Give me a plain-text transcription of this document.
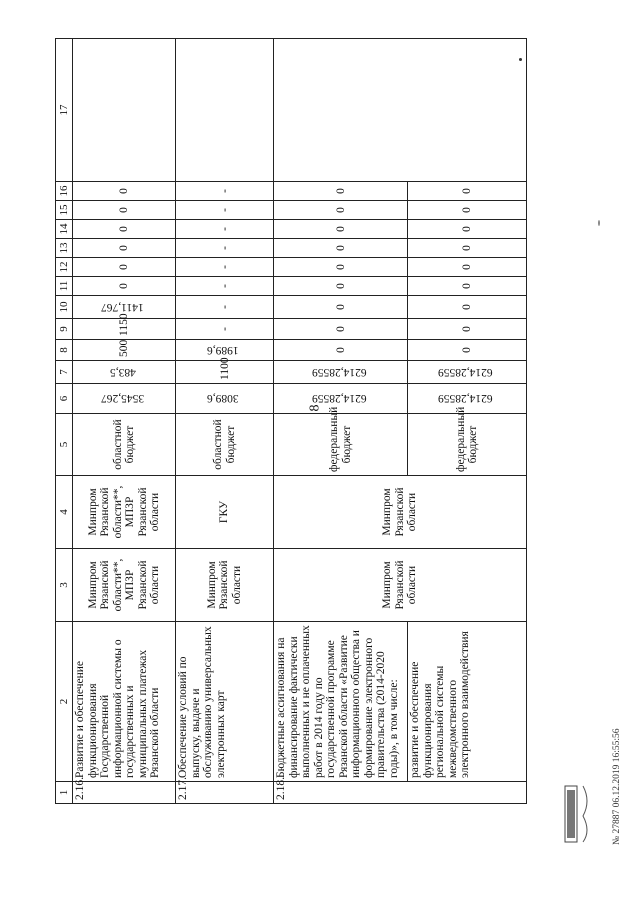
8
1	2	3	4	5	6	7	8	9	10	11	12	13	14	15	16	17
2.16.	Развитие и обеспечение функционирования Государственной информационной системы о государственных и муниципальных платежах Рязанской области	Минпром Рязанской области**, МПЗР Рязанской области	Минпром Рязанской области**, МПЗР Рязанской области	областной бюджет	3545,267	483,5	500	1150	1411,767	0	0	0	0	0	0	
2.17.	Обеспечение условий по выпуску, выдаче и обслуживанию универсальных электронных карт	Минпром Рязанской области	ГКУ	областной бюджет	3089,6	1100	1989,6	-	-	-	-	-	-	-	-	
2.18.	Бюджетные ассигнования на финансирование фактически выполненных и не оплаченных работ в 2014 году по государственной программе Рязанской области «Развитие информационного общества и формирование электронного правительства (2014-2020 годы)», в том числе:	Минпром Рязанской области	Минпром Рязанской области	федеральный бюджет	6214,28559	6214,28559	0	0	0	0	0	0	0	0	0	
	развитие и обеспечение функционирования региональной системы межведомственного электронного взаимодействия			федеральный бюджет	6214,28559	6214,28559	0	0	0	0	0	0	0	0	0	
№ 27887 06.12.2019 16:55:56
